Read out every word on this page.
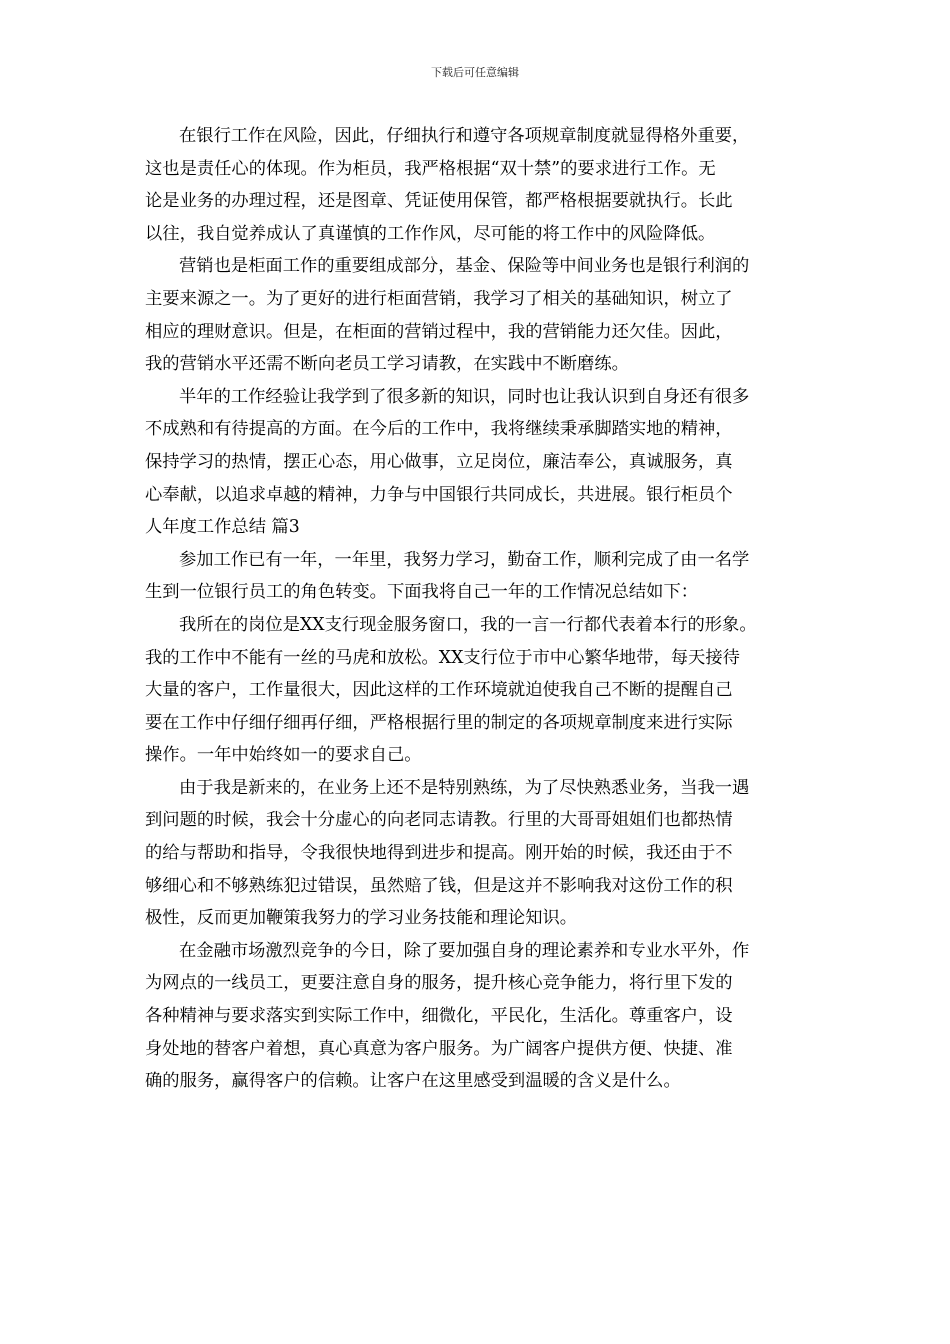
下载后可任意编辑
在银行工作在风险，因此，仔细执行和遵守各项规章制度就显得格外重要，
这也是责任心的体现。作为柜员，我严格根据“双十禁”的要求进行工作。无
论是业务的办理过程，还是图章、凭证使用保管，都严格根据要就执行。长此
以往，我自觉养成认了真谨慎的工作作风，尽可能的将工作中的风险降低。
营销也是柜面工作的重要组成部分，基金、保险等中间业务也是银行利润的
主要来源之一。为了更好的进行柜面营销，我学习了相关的基础知识，树立了
相应的理财意识。但是，在柜面的营销过程中，我的营销能力还欠佳。因此，
我的营销水平还需不断向老员工学习请教，在实践中不断磨练。
半年的工作经验让我学到了很多新的知识，同时也让我认识到自身还有很多
不成熟和有待提高的方面。在今后的工作中，我将继续秉承脚踏实地的精神，
保持学习的热情，摆正心态，用心做事，立足岗位，廉洁奉公，真诚服务，真
心奉献，以追求卓越的精神，力争与中国银行共同成长，共进展。银行柜员个
人年度工作总结 篇3
参加工作已有一年，一年里，我努力学习，勤奋工作，顺利完成了由一名学
生到一位银行员工的角色转变。下面我将自己一年的工作情况总结如下：
我所在的岗位是XX支行现金服务窗口，我的一言一行都代表着本行的形象。
我的工作中不能有一丝的马虎和放松。XX支行位于市中心繁华地带，每天接待
大量的客户，工作量很大，因此这样的工作环境就迫使我自己不断的提醒自己
要在工作中仔细仔细再仔细，严格根据行里的制定的各项规章制度来进行实际
操作。一年中始终如一的要求自己。
由于我是新来的，在业务上还不是特别熟练，为了尽快熟悉业务，当我一遇
到问题的时候，我会十分虚心的向老同志请教。行里的大哥哥姐姐们也都热情
的给与帮助和指导，令我很快地得到进步和提高。刚开始的时候，我还由于不
够细心和不够熟练犯过错误，虽然赔了钱，但是这并不影响我对这份工作的积
极性，反而更加鞭策我努力的学习业务技能和理论知识。
在金融市场激烈竞争的今日，除了要加强自身的理论素养和专业水平外，作
为网点的一线员工，更要注意自身的服务，提升核心竞争能力，将行里下发的
各种精神与要求落实到实际工作中，细微化，平民化，生活化。尊重客户，设
身处地的替客户着想，真心真意为客户服务。为广阔客户提供方便、快捷、准
确的服务，赢得客户的信赖。让客户在这里感受到温暖的含义是什么。
